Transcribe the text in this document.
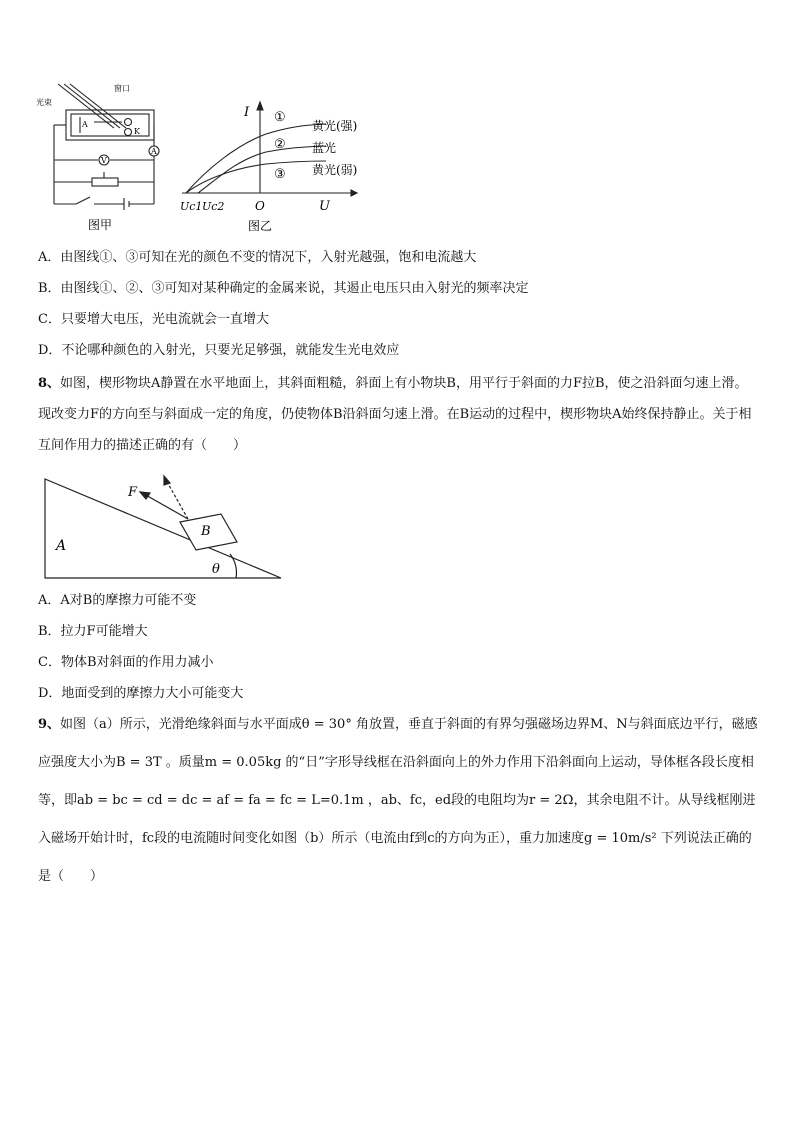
光束
窗口
A
K
V
A
图甲
I
U
O
Uc1 Uc2
①
②
③
黄光(强)
蓝光
黄光(弱)
图乙
A．由图线①、③可知在光的颜色不变的情况下，入射光越强，饱和电流越大
B．由图线①、②、③可知对某种确定的金属来说，其遏止电压只由入射光的频率决定
C．只要增大电压，光电流就会一直增大
D．不论哪种颜色的入射光，只要光足够强，就能发生光电效应
8、如图，楔形物块A静置在水平地面上，其斜面粗糙，斜面上有小物块B，用平行于斜面的力F拉B，使之沿斜面匀速上滑。现改变力F的方向至与斜面成一定的角度，仍使物体B沿斜面匀速上滑。在B运动的过程中，楔形物块A始终保持静止。关于相互间作用力的描述正确的有（　　）
A
B
F
θ
A．A对B的摩擦力可能不变
B．拉力F可能增大
C．物体B对斜面的作用力减小
D．地面受到的摩擦力大小可能变大
9、如图（a）所示，光滑绝缘斜面与水平面成θ = 30° 角放置，垂直于斜面的有界匀强磁场边界M、N与斜面底边平行，磁感应强度大小为B = 3T 。质量m = 0.05kg 的“日”字形导线框在沿斜面向上的外力作用下沿斜面向上运动，导体框各段长度相等，即ab = bc = cd = dc = af = fa = fc = L=0.1m ，ab、fc，ed段的电阻均为r = 2Ω，其余电阻不计。从导线框刚进入磁场开始计时，fc段的电流随时间变化如图（b）所示（电流由f到c的方向为正），重力加速度g = 10m/s² 下列说法正确的是（　　）
